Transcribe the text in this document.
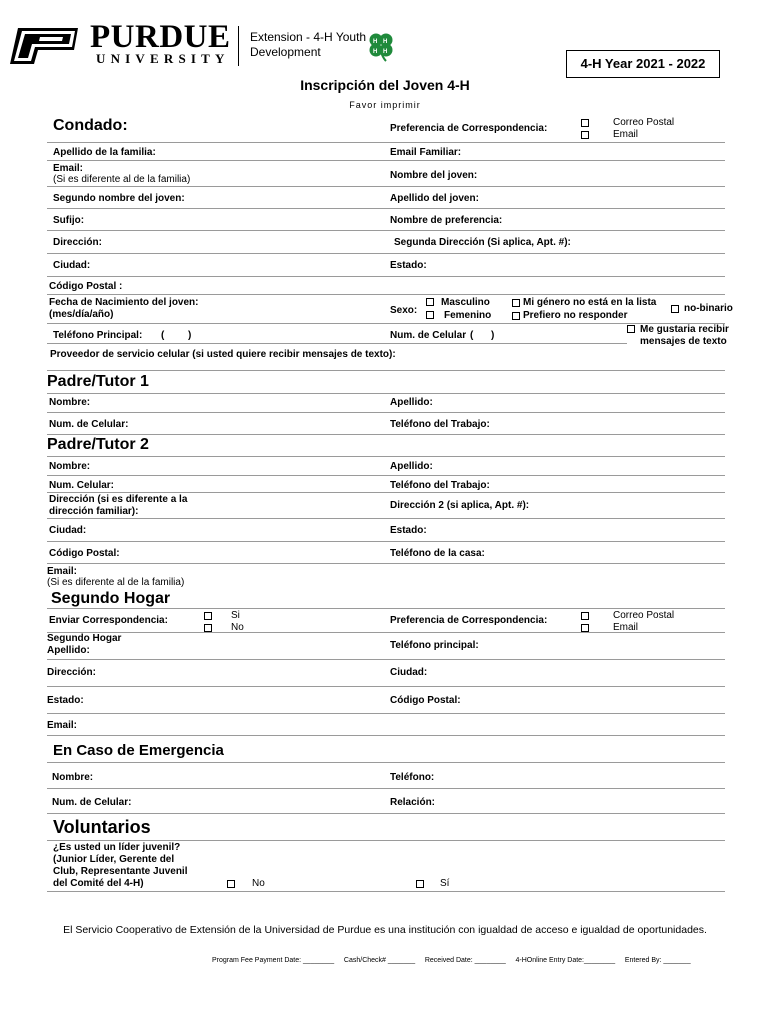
PURDUE
UNIVERSITY
Extension - 4-H Youth
Development
H H
H H
4-H Year 2021 - 2022
Inscripción del Joven 4-H
Favor imprimir
Condado:	Preferencia de Correspondencia:
Correo Postal
Email
Apellido de la familia:	Email Familiar:
Email:
(Si es diferente al de la familia)	Nombre del joven:
Segundo nombre del joven:	Apellido del joven:
Sufijo:	Nombre de preferencia:
Dirección:	Segunda Dirección (Si aplica, Apt. #):
Ciudad:	Estado:
Código Postal :
Fecha de Nacimiento del joven:
(mes/día/año)	Sexo:
Masculino
Femenino
Mi género no está en la lista
Prefiero no responder
no-binario
Teléfono Principal: ( )	Num. de Celular ( )
Me gustaria recibir
mensajes de texto
Proveedor de servicio celular (si usted quiere recibir mensajes de texto):
Padre/Tutor 1
Nombre:	Apellido:
Num. de Celular:	Teléfono del Trabajo:
Padre/Tutor 2
Nombre:	Apellido:
Num. Celular:	Teléfono del Trabajo:
Dirección (si es diferente a la
dirección familiar):
Dirección 2 (si aplica, Apt. #):
Ciudad:	Estado:
Código Postal:	Teléfono de la casa:
Email:
(Si es diferente al de la familia)
Segundo Hogar
Enviar Correspondencia:	Si
No
Preferencia de Correspondencia:	Correo Postal
Email
Segundo Hogar
Apellido:	Teléfono principal:
Dirección:	Ciudad:
Estado:	Código Postal:
Email:
En Caso de Emergencia
Nombre:	Teléfono:
Num. de Celular:	Relación:
Voluntarios
¿Es usted un líder juvenil?
(Junior Líder, Gerente del
Club, Representante Juvenil
del Comité del 4-H)	No	Sí
El Servicio Cooperativo de Extensión de la Universidad de Purdue es una institución con igualdad de acceso e igualdad de oportunidades.
Program Fee Payment Date: ________     Cash/Check# _______     Received Date: ________     4-HOnline Entry Date:________     Entered By: _______
